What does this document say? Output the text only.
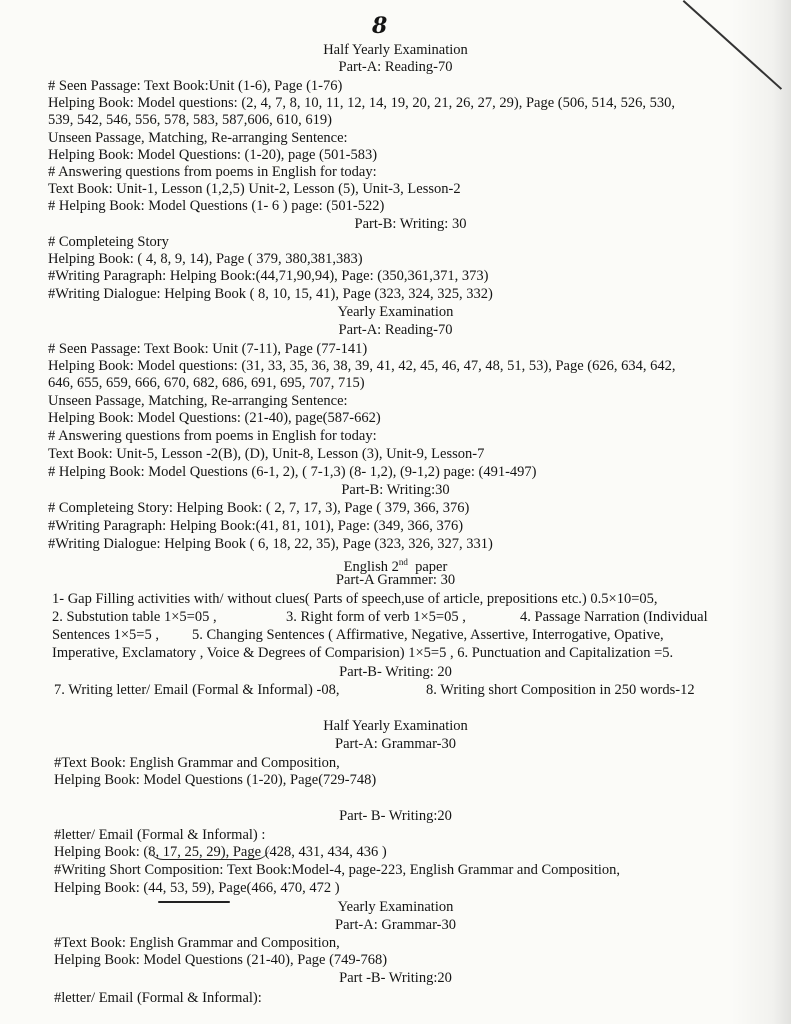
8
Half Yearly Examination
Part-A: Reading-70
# Seen Passage: Text Book:Unit (1-6), Page (1-76)
Helping Book: Model questions: (2, 4, 7, 8, 10, 11, 12, 14, 19, 20, 21, 26, 27, 29), Page (506, 514, 526, 530,
539, 542, 546, 556, 578, 583, 587,606, 610, 619)
Unseen Passage, Matching, Re-arranging Sentence:
Helping Book: Model Questions: (1-20), page (501-583)
# Answering questions from poems in English for today:
Text Book: Unit-1, Lesson (1,2,5) Unit-2, Lesson (5), Unit-3, Lesson-2
# Helping Book: Model Questions (1- 6 ) page: (501-522)
Part-B: Writing: 30
# Completeing Story
Helping Book: ( 4, 8, 9, 14), Page ( 379, 380,381,383)
#Writing Paragraph: Helping Book:(44,71,90,94), Page: (350,361,371, 373)
#Writing Dialogue: Helping Book ( 8, 10, 15, 41), Page (323, 324, 325, 332)
Yearly Examination
Part-A: Reading-70
# Seen Passage: Text Book: Unit (7-11), Page (77-141)
Helping Book: Model questions: (31, 33, 35, 36, 38, 39, 41, 42, 45, 46, 47, 48, 51, 53), Page (626, 634, 642,
646, 655, 659, 666, 670, 682, 686, 691, 695, 707, 715)
Unseen Passage, Matching, Re-arranging Sentence:
Helping Book: Model Questions: (21-40), page(587-662)
# Answering questions from poems in English for today:
Text Book: Unit-5, Lesson -2(B), (D), Unit-8, Lesson (3), Unit-9, Lesson-7
# Helping Book: Model Questions (6-1, 2), ( 7-1,3) (8- 1,2), (9-1,2) page: (491-497)
Part-B: Writing:30
# Completeing Story: Helping Book: ( 2, 7, 17, 3), Page ( 379, 366, 376)
#Writing Paragraph: Helping Book:(41, 81, 101), Page: (349, 366, 376)
#Writing Dialogue: Helping Book ( 6, 18, 22, 35), Page (323, 326, 327, 331)
English 2nd  paper
Part-A Grammer: 30
1- Gap Filling activities with/ without clues( Parts of speech,use of article, prepositions etc.) 0.5×10=05,
2. Substution table 1×5=05 ,	3. Right form of verb 1×5=05 ,	4. Passage Narration (Individual
Sentences 1×5=5 , 5. Changing Sentences ( Affirmative, Negative, Assertive, Interrogative, Opative,
Imperative, Exclamatory , Voice & Degrees of Comparision) 1×5=5 , 6. Punctuation and Capitalization =5.
Part-B- Writing: 20
7. Writing letter/ Email (Formal & Informal) -08,	8. Writing short Composition in 250 words-12
Half Yearly Examination
Part-A: Grammar-30
#Text Book: English Grammar and Composition,
Helping Book: Model Questions (1-20), Page(729-748)
Part- B- Writing:20
#letter/ Email (Formal & Informal) :
Helping Book: (8, 17, 25, 29), Page (428, 431, 434, 436 )
#Writing Short Composition: Text Book:Model-4, page-223, English Grammar and Composition,
Helping Book: (44, 53, 59), Page(466, 470, 472 )
Yearly Examination
Part-A: Grammar-30
#Text Book: English Grammar and Composition,
Helping Book: Model Questions (21-40), Page (749-768)
Part -B- Writing:20
#letter/ Email (Formal & Informal):
